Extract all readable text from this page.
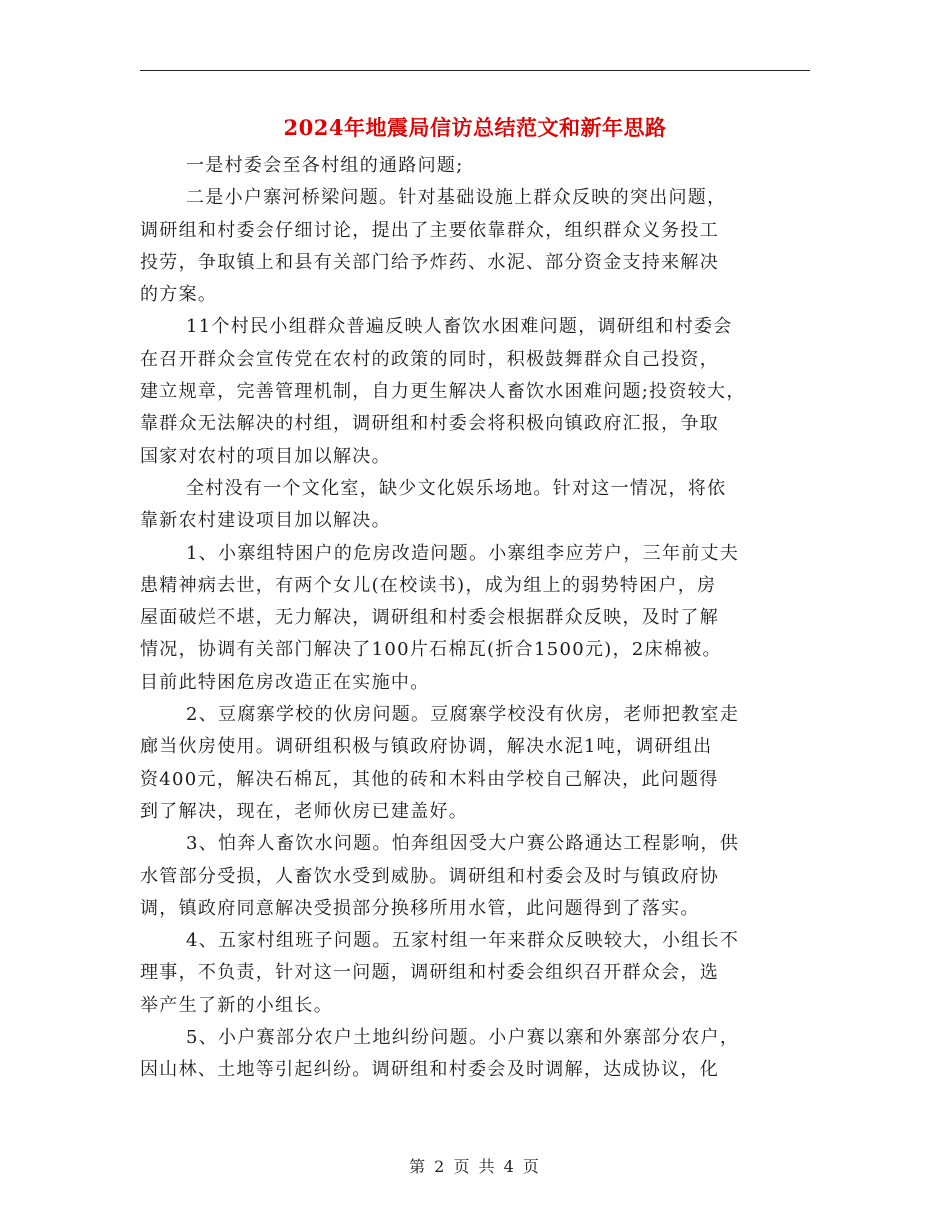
2024年地震局信访总结范文和新年思路

一是村委会至各村组的通路问题;

二是小户寨河桥梁问题。针对基础设施上群众反映的突出问题，
调研组和村委会仔细讨论，提出了主要依靠群众，组织群众义务投工
投劳，争取镇上和县有关部门给予炸药、水泥、部分资金支持来解决
的方案。

11个村民小组群众普遍反映人畜饮水困难问题，调研组和村委会
在召开群众会宣传党在农村的政策的同时，积极鼓舞群众自己投资，
建立规章，完善管理机制，自力更生解决人畜饮水困难问题;投资较大，
靠群众无法解决的村组，调研组和村委会将积极向镇政府汇报，争取
国家对农村的项目加以解决。

全村没有一个文化室，缺少文化娱乐场地。针对这一情况，将依
靠新农村建设项目加以解决。

1、小寨组特困户的危房改造问题。小寨组李应芳户，三年前丈夫
患精神病去世，有两个女儿(在校读书)，成为组上的弱势特困户，房
屋面破烂不堪，无力解决，调研组和村委会根据群众反映，及时了解
情况，协调有关部门解决了100片石棉瓦(折合1500元)，2床棉被。
目前此特困危房改造正在实施中。

2、豆腐寨学校的伙房问题。豆腐寨学校没有伙房，老师把教室走
廊当伙房使用。调研组积极与镇政府协调，解决水泥1吨，调研组出
资400元，解决石棉瓦，其他的砖和木料由学校自己解决，此问题得
到了解决，现在，老师伙房已建盖好。

3、怕奔人畜饮水问题。怕奔组因受大户赛公路通达工程影响，供
水管部分受损，人畜饮水受到威胁。调研组和村委会及时与镇政府协
调，镇政府同意解决受损部分换移所用水管，此问题得到了落实。

4、五家村组班子问题。五家村组一年来群众反映较大，小组长不
理事，不负责，针对这一问题，调研组和村委会组织召开群众会，选
举产生了新的小组长。

5、小户赛部分农户土地纠纷问题。小户赛以寨和外寨部分农户，
因山林、土地等引起纠纷。调研组和村委会及时调解，达成协议，化

第 2 页 共 4 页
